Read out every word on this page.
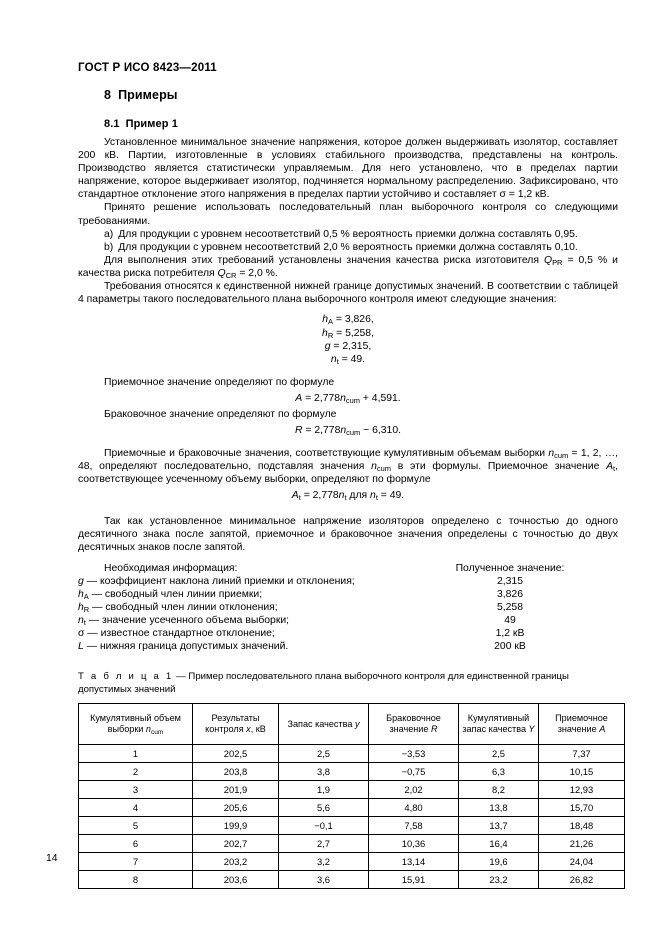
ГОСТ Р ИСО 8423—2011
8 Примеры
8.1 Пример 1

Установленное минимальное значение напряжения, которое должен выдерживать изолятор, составляет 200 кВ. Партии, изготовленные в условиях стабильного производства, представлены на контроль. Производство является статистически управляемым. Для него установлено, что в пределах партии напряжение, которое выдерживает изолятор, подчиняется нормальному распределению. Зафиксировано, что стандартное отклонение этого напряжения в пределах партии устойчиво и составляет σ = 1,2 кВ.

Принято решение использовать последовательный план выборочного контроля со следующими требованиями.

a) Для продукции с уровнем несоответствий 0,5 % вероятность приемки должна составлять 0,95.

b) Для продукции с уровнем несоответствий 2,0 % вероятность приемки должна составлять 0,10.

Для выполнения этих требований установлены значения качества риска изготовителя $Q_{PR} = 0,5$ % и качества риска потребителя $Q_{CR} = 2,0$ %.

Требования относятся к единственной нижней границе допустимых значений. В соответствии с таблицей 4 параметры такого последовательного плана выборочного контроля имеют следующие значения:

$h_A = 3,826$,
$h_R = 5,258$,
g = 2,315,
$n_t = 49$.

Приемочное значение определяют по формуле

$A = 2,778n_{cum} + 4,591$.

Браковочное значение определяют по формуле

$R = 2,778n_{cum} - 6,310$.

Приемочные и браковочные значения, соответствующие кумулятивным объемам выборки $n_{cum} = 1$, 2, …, 48, определяют последовательно, подставляя значения $n_{cum}$ в эти формулы. Приемочное значение $A_t$, соответствующее усеченному объему выборки, определяют по формуле

$A_t = 2,778n_t$ для $n_t = 49$.

Так как установленное минимальное напряжение изоляторов определено с точностью до одного десятичного знака после запятой, приемочное и браковочное значения определены с точностью до двух десятичных знаков после запятой.

Необходимая информация:	Полученное значение:
g — коэффициент наклона линий приемки и отклонения;	2,315
$h_A$ — свободный член линии приемки;	3,826
$h_R$ — свободный член линии отклонения;	5,258
$n_t$ — значение усеченного объема выборки;	49
σ — известное стандартное отклонение;	1,2 кВ
L — нижняя граница допустимых значений.	200 кВ
Т а б л и ц а 1 — Пример последовательного плана выборочного контроля для единственной границы допустимых значений
Кумулятивный объем
выборки $n_{cum}$	Результаты
контроля x, кВ	Запас качества y	Браковочное
значение R	Кумулятивный
запас качества Y	Приемочное
значение A
1	202,5	2,5	−3,53	2,5	7,37
2	203,8	3,8	−0,75	6,3	10,15
3	201,9	1,9	2,02	8,2	12,93
4	205,6	5,6	4,80	13,8	15,70
5	199,9	−0,1	7,58	13,7	18,48
6	202,7	2,7	10,36	16,4	21,26
7	203,2	3,2	13,14	19,6	24,04
8	203,6	3,6	15,91	23,2	26,82
14
